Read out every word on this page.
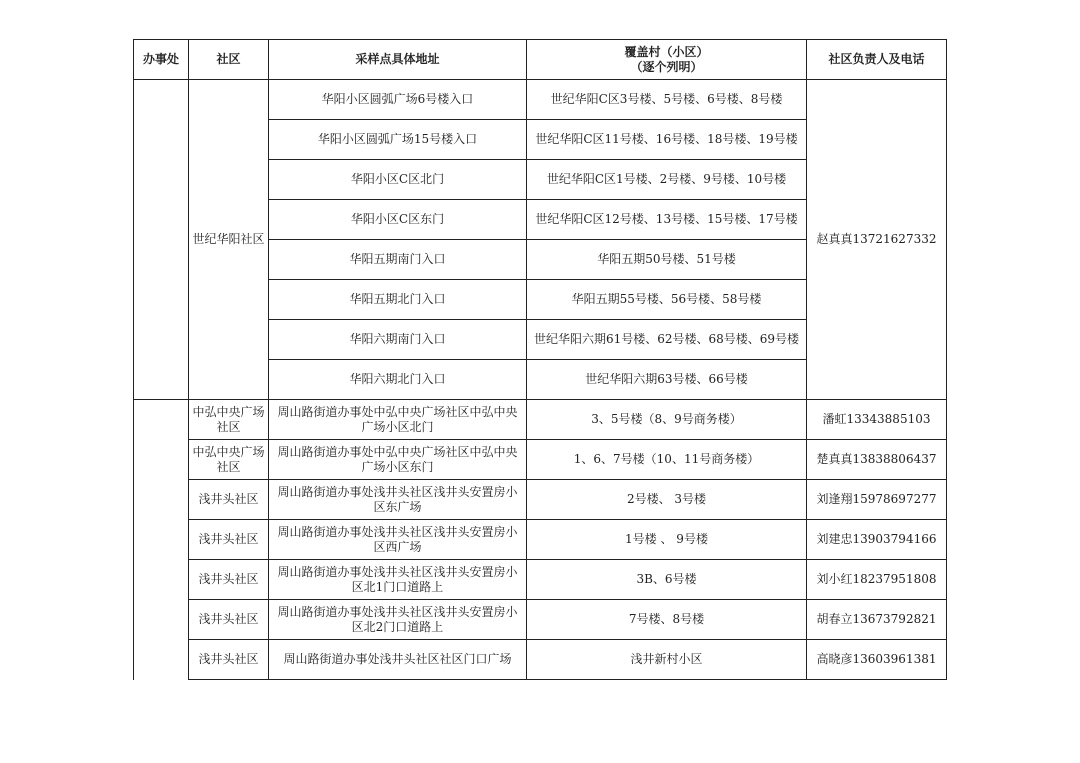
办事处	社区	采样点具体地址	覆盖村（小区）
（逐个列明）	社区负责人及电话
	世纪华阳社区	华阳小区圆弧广场6号楼入口	世纪华阳C区3号楼、5号楼、6号楼、8号楼	赵真真13721627332
		华阳小区圆弧广场15号楼入口	世纪华阳C区11号楼、16号楼、18号楼、19号楼	
		华阳小区C区北门	世纪华阳C区1号楼、2号楼、9号楼、10号楼	
		华阳小区C区东门	世纪华阳C区12号楼、13号楼、15号楼、17号楼	
		华阳五期南门入口	华阳五期50号楼、51号楼	
		华阳五期北门入口	华阳五期55号楼、56号楼、58号楼	
		华阳六期南门入口	世纪华阳六期61号楼、62号楼、68号楼、69号楼	
		华阳六期北门入口	世纪华阳六期63号楼、66号楼	
	中弘中央广场社区	周山路街道办事处中弘中央广场社区中弘中央广场小区北门	3、5号楼（8、9号商务楼）	潘虹13343885103
	中弘中央广场社区	周山路街道办事处中弘中央广场社区中弘中央广场小区东门	1、6、7号楼（10、11号商务楼）	楚真真13838806437
	浅井头社区	周山路街道办事处浅井头社区浅井头安置房小区东广场	2号楼、 3号楼	刘逢翔15978697277
	浅井头社区	周山路街道办事处浅井头社区浅井头安置房小区西广场	1号楼 、 9号楼	刘建忠13903794166
	浅井头社区	周山路街道办事处浅井头社区浅井头安置房小区北1门口道路上	3B、6号楼	刘小红18237951808
	浅井头社区	周山路街道办事处浅井头社区浅井头安置房小区北2门口道路上	7号楼、8号楼	胡春立13673792821
	浅井头社区	周山路街道办事处浅井头社区社区门口广场	浅井新村小区	高晓彦13603961381
